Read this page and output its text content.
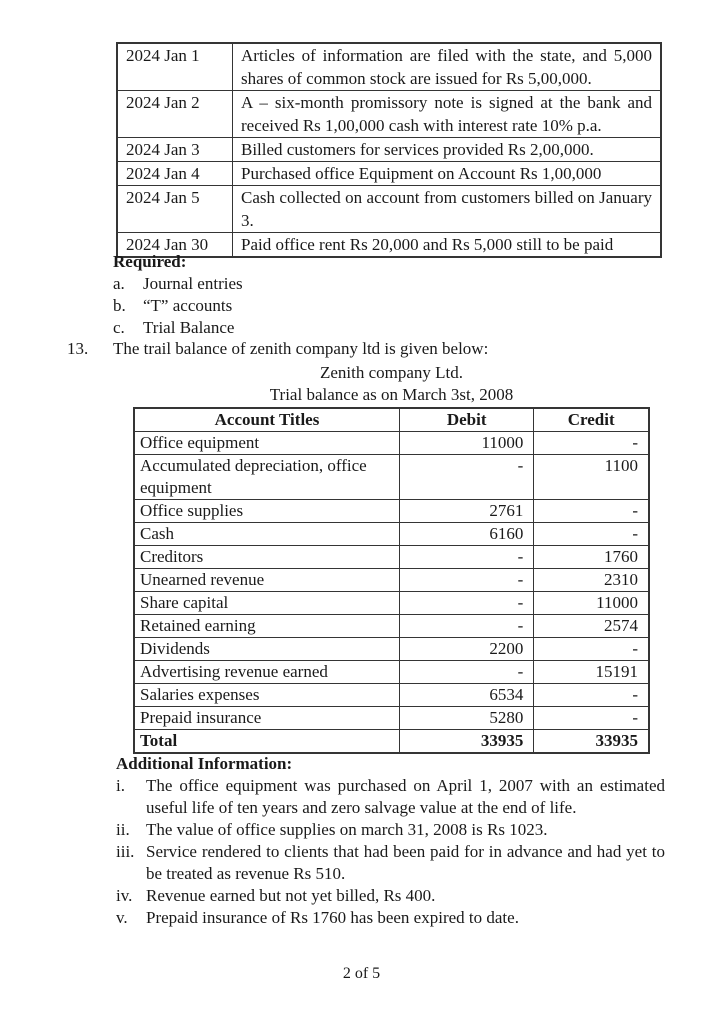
2024 Jan 1	Articles of information are filed with the state, and 5,000 shares of common stock are issued for Rs 5,00,000.
2024 Jan 2	A – six-month promissory note is signed at the bank and received Rs 1,00,000 cash with interest rate 10% p.a.
2024 Jan 3	Billed customers for services provided Rs 2,00,000.
2024 Jan 4	Purchased office Equipment on Account Rs 1,00,000
2024 Jan 5	Cash collected on account from customers billed on January 3.
2024 Jan 30	Paid office rent Rs 20,000 and Rs 5,000 still to be paid
Required:
a.	Journal entries
b.	“T” accounts
c.	Trial Balance
13.	The trail balance of zenith company ltd is given below:
Zenith company Ltd.
Trial balance as on March 3st, 2008
Account Titles	Debit	Credit
Office equipment	11000	-
Accumulated depreciation, office equipment	-	1100
Office supplies	2761	-
Cash	6160	-
Creditors	-	1760
Unearned revenue	-	2310
Share capital	-	11000
Retained earning	-	2574
Dividends	2200	-
Advertising revenue earned	-	15191
Salaries expenses	6534	-
Prepaid insurance	5280	-
Total	33935	33935
Additional Information:
i.	The office equipment was purchased on April 1, 2007 with an estimated useful life of ten years and zero salvage value at the end of life.
ii. The value of office supplies on march 31, 2008 is Rs 1023.
iii. Service rendered to clients that had been paid for in advance and had yet to be treated as revenue Rs 510.
iv. Revenue earned but not yet billed, Rs 400.
v.	Prepaid insurance of Rs 1760 has been expired to date.
2 of 5
